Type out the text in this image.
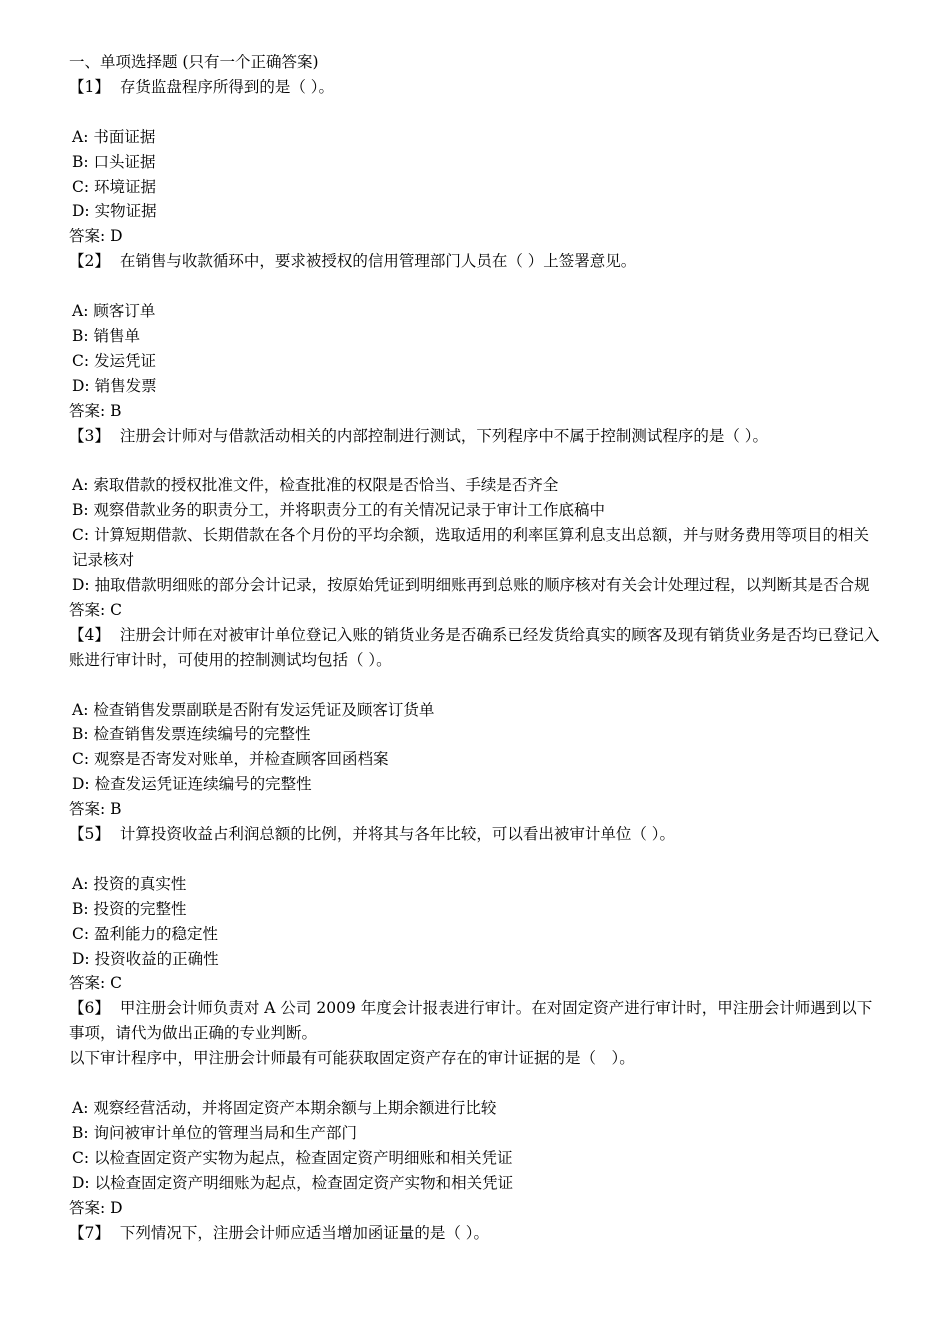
一、单项选择题 (只有一个正确答案)
【1】 存货监盘程序所得到的是（ ）。
A: 书面证据
B: 口头证据
C: 环境证据
D: 实物证据
答案: D
【2】 在销售与收款循环中，要求被授权的信用管理部门人员在（ ）上签署意见。
A: 顾客订单
B: 销售单
C: 发运凭证
D: 销售发票
答案: B
【3】 注册会计师对与借款活动相关的内部控制进行测试，下列程序中不属于控制测试程序的是（ ）。
A: 索取借款的授权批准文件，检查批准的权限是否恰当、手续是否齐全
B: 观察借款业务的职责分工，并将职责分工的有关情况记录于审计工作底稿中
C: 计算短期借款、长期借款在各个月份的平均余额，选取适用的利率匡算利息支出总额，并与财务费用等项目的相关记录核对
D: 抽取借款明细账的部分会计记录，按原始凭证到明细账再到总账的顺序核对有关会计处理过程，以判断其是否合规
答案: C
【4】 注册会计师在对被审计单位登记入账的销货业务是否确系已经发货给真实的顾客及现有销货业务是否均已登记入账进行审计时，可使用的控制测试均包括（ ）。
A: 检查销售发票副联是否附有发运凭证及顾客订货单
B: 检查销售发票连续编号的完整性
C: 观察是否寄发对账单，并检查顾客回函档案
D: 检查发运凭证连续编号的完整性
答案: B
【5】 计算投资收益占利润总额的比例，并将其与各年比较，可以看出被审计单位（ ）。
A: 投资的真实性
B: 投资的完整性
C: 盈利能力的稳定性
D: 投资收益的正确性
答案: C
【6】 甲注册会计师负责对 A 公司 2009 年度会计报表进行审计。在对固定资产进行审计时，甲注册会计师遇到以下事项，请代为做出正确的专业判断。
以下审计程序中，甲注册会计师最有可能获取固定资产存在的审计证据的是（　）。
A: 观察经营活动，并将固定资产本期余额与上期余额进行比较
B: 询问被审计单位的管理当局和生产部门
C: 以检查固定资产实物为起点，检查固定资产明细账和相关凭证
D: 以检查固定资产明细账为起点，检查固定资产实物和相关凭证
答案: D
【7】 下列情况下，注册会计师应适当增加函证量的是（ ）。
